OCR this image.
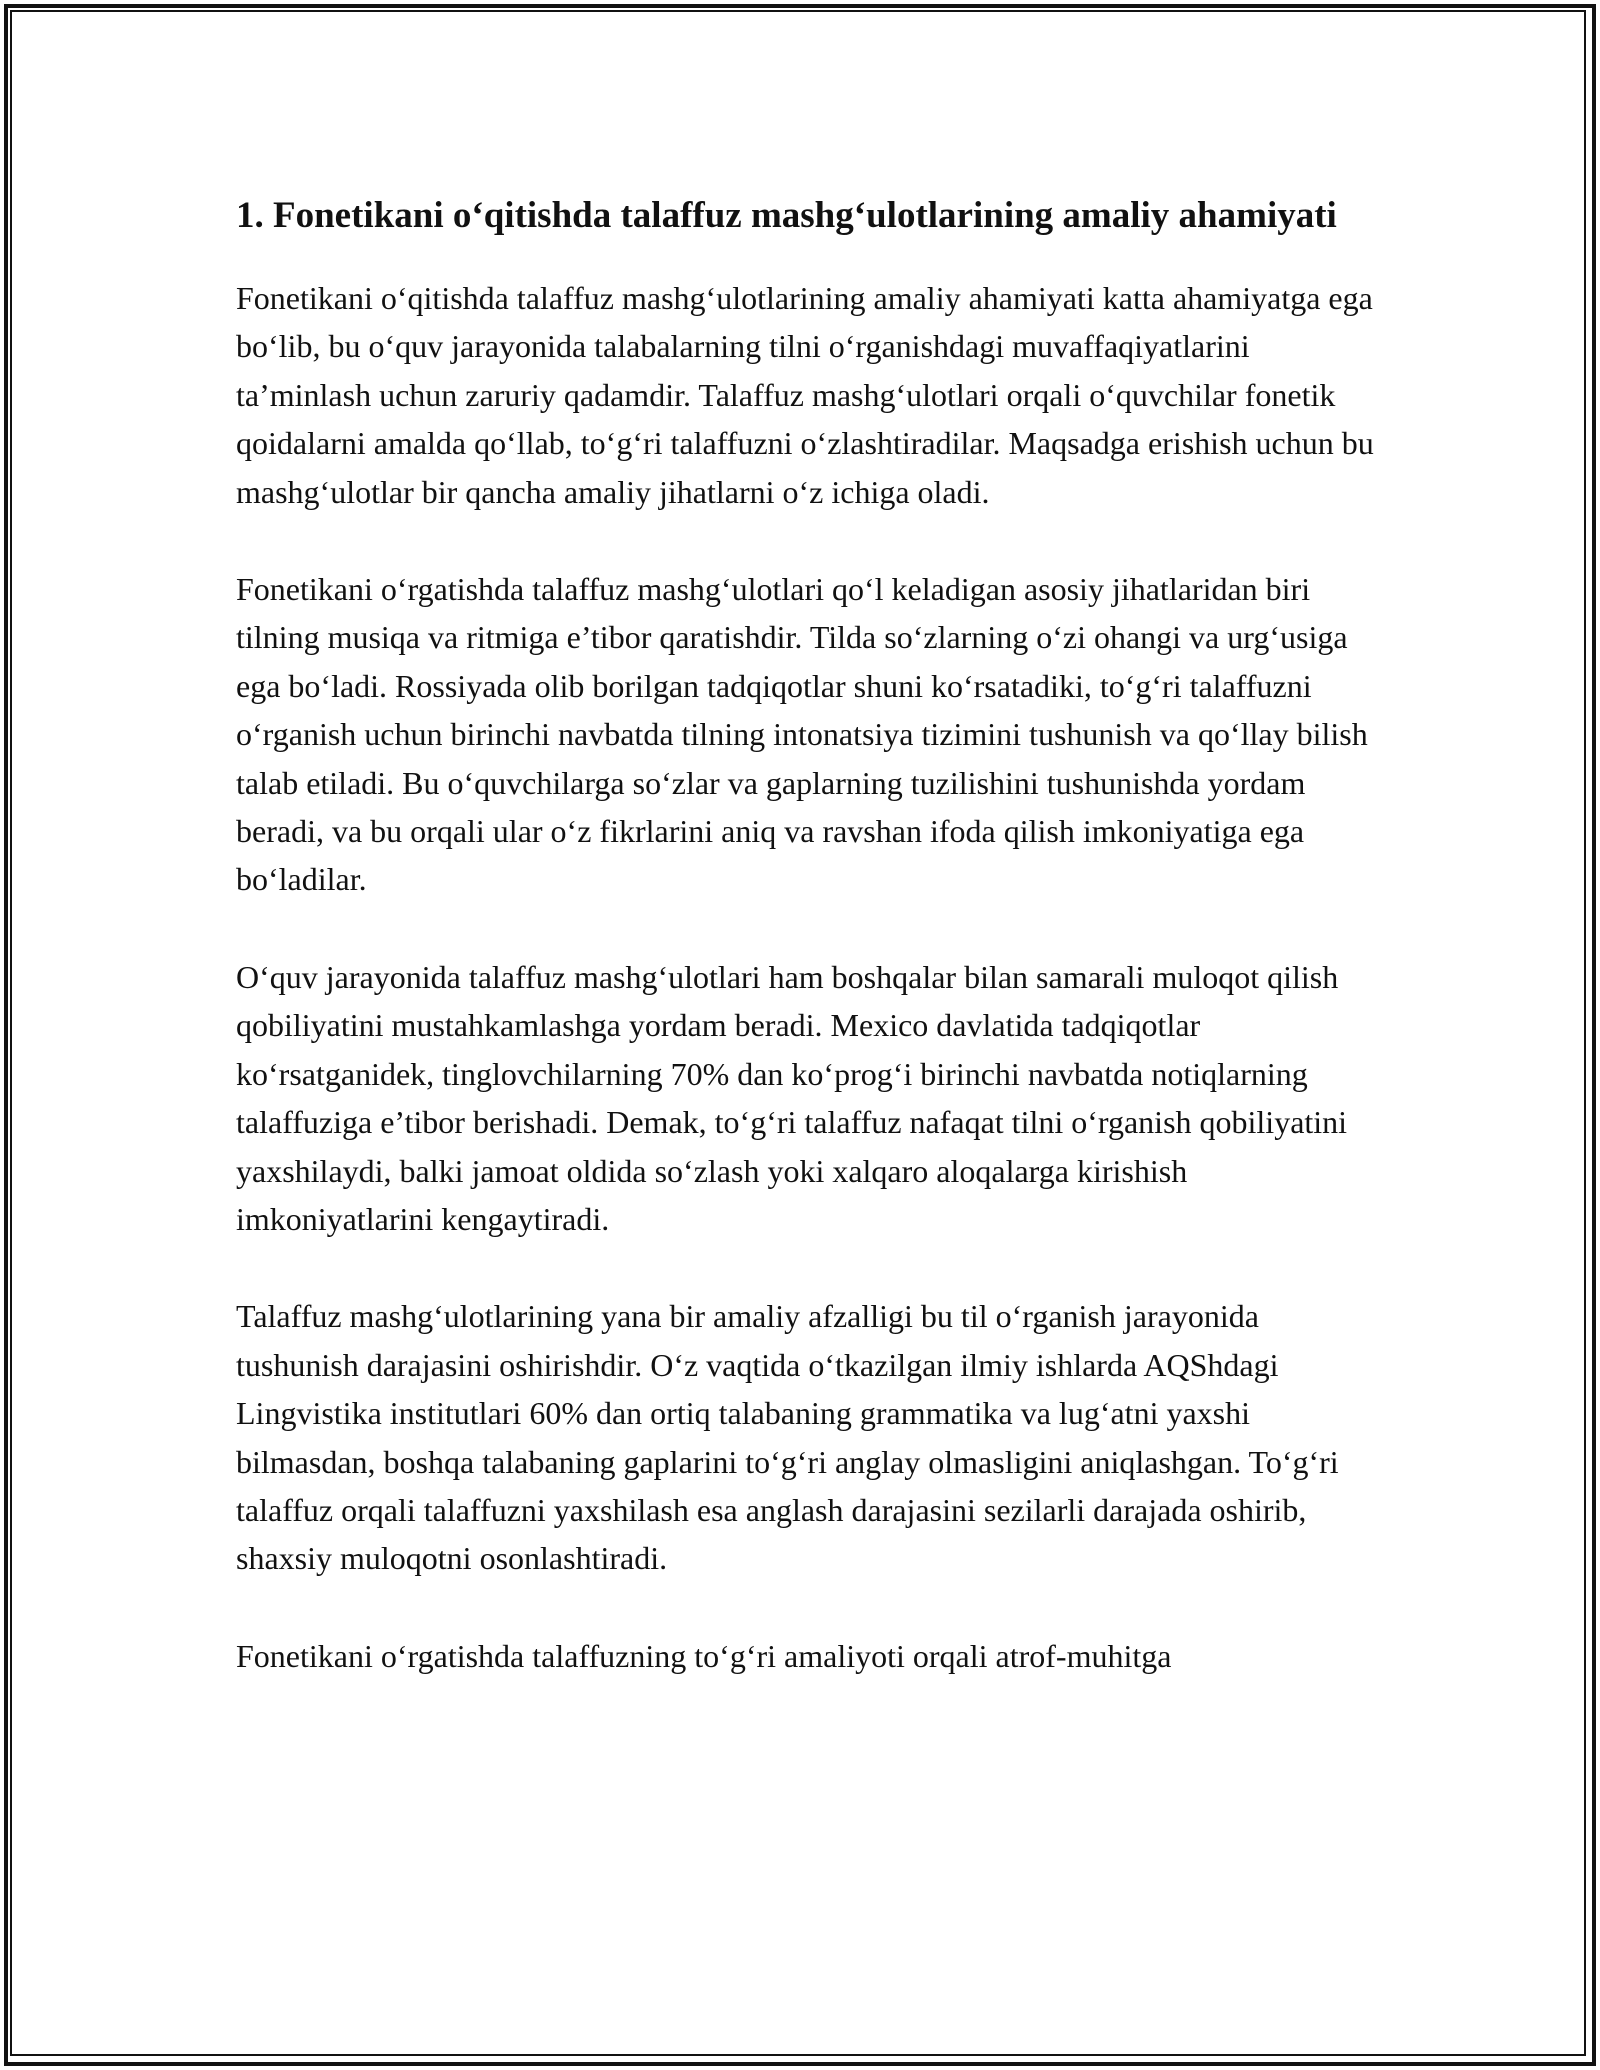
1. Fonetikani o‘qitishda talaffuz mashg‘ulotlarining amaliy ahamiyati

Fonetikani o‘qitishda talaffuz mashg‘ulotlarining amaliy ahamiyati katta ahamiyatga ega bo‘lib, bu o‘quv jarayonida talabalarning tilni o‘rganishdagi muvaffaqiyatlarini ta’minlash uchun zaruriy qadamdir. Talaffuz mashg‘ulotlari orqali o‘quvchilar fonetik qoidalarni amalda qo‘llab, to‘g‘ri talaffuzni o‘zlashtiradilar. Maqsadga erishish uchun bu mashg‘ulotlar bir qancha amaliy jihatlarni o‘z ichiga oladi.

Fonetikani o‘rgatishda talaffuz mashg‘ulotlari qo‘l keladigan asosiy jihatlaridan biri tilning musiqa va ritmiga e’tibor qaratishdir. Tilda so‘zlarning o‘zi ohangi va urg‘usiga ega bo‘ladi. Rossiyada olib borilgan tadqiqotlar shuni ko‘rsatadiki, to‘g‘ri talaffuzni o‘rganish uchun birinchi navbatda tilning intonatsiya tizimini tushunish va qo‘llay bilish talab etiladi. Bu o‘quvchilarga so‘zlar va gaplarning tuzilishini tushunishda yordam beradi, va bu orqali ular o‘z fikrlarini aniq va ravshan ifoda qilish imkoniyatiga ega bo‘ladilar.

O‘quv jarayonida talaffuz mashg‘ulotlari ham boshqalar bilan samarali muloqot qilish qobiliyatini mustahkamlashga yordam beradi. Mexico davlatida tadqiqotlar ko‘rsatganidek, tinglovchilarning 70% dan ko‘prog‘i birinchi navbatda notiqlarning talaffuziga e’tibor berishadi. Demak, to‘g‘ri talaffuz nafaqat tilni o‘rganish qobiliyatini yaxshilaydi, balki jamoat oldida so‘zlash yoki xalqaro aloqalarga kirishish imkoniyatlarini kengaytiradi.

Talaffuz mashg‘ulotlarining yana bir amaliy afzalligi bu til o‘rganish jarayonida tushunish darajasini oshirishdir. O‘z vaqtida o‘tkazilgan ilmiy ishlarda AQShdagi Lingvistika institutlari 60% dan ortiq talabaning grammatika va lug‘atni yaxshi bilmasdan, boshqa talabaning gaplarini to‘g‘ri anglay olmasligini aniqlashgan. To‘g‘ri talaffuz orqali talaffuzni yaxshilash esa anglash darajasini sezilarli darajada oshirib, shaxsiy muloqotni osonlashtiradi.

Fonetikani o‘rgatishda talaffuzning to‘g‘ri amaliyoti orqali atrof-muhitga
